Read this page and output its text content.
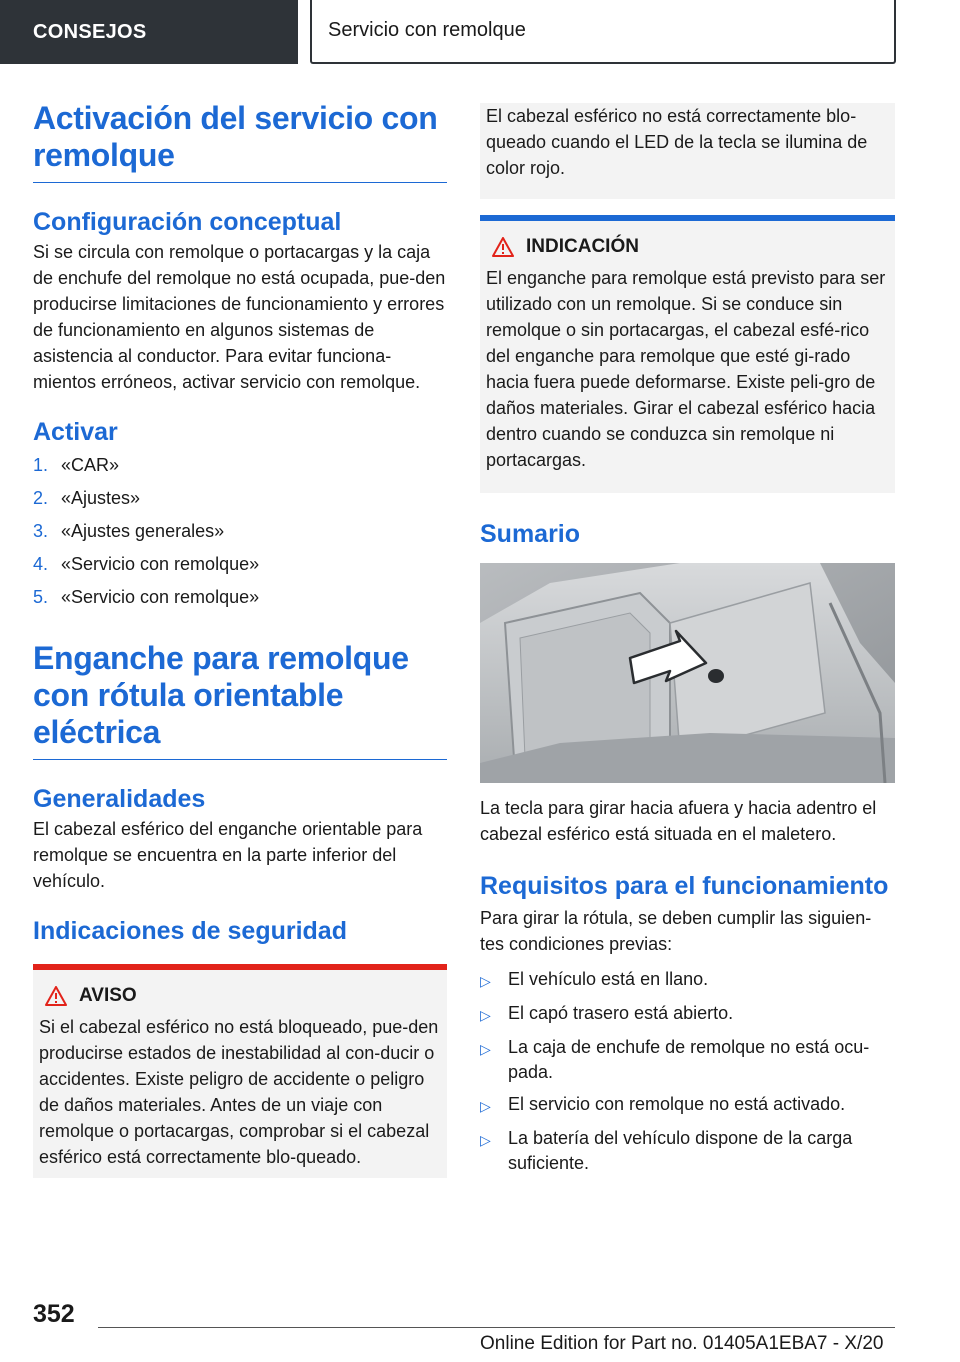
CONSEJOS	Servicio con remolque
Activación del servicio con remolque
Configuración conceptual

Si se circula con remolque o portacargas y la caja de enchufe del remolque no está ocupada, pue‐den producirse limitaciones de funcionamiento y errores de funcionamiento en algunos sistemas de asistencia al conductor. Para evitar funciona‐mientos erróneos, activar servicio con remolque.

Activar
1. «CAR»
2. «Ajustes»
3. «Ajustes generales»
4. «Servicio con remolque»
5. «Servicio con remolque»
Enganche para remolque con rótula orientable eléctrica
Generalidades

El cabezal esférico del enganche orientable para remolque se encuentra en la parte inferior del vehículo.

Indicaciones de seguridad
AVISO

Si el cabezal esférico no está bloqueado, pue‐den producirse estados de inestabilidad al con‐ducir o accidentes. Existe peligro de accidente o peligro de daños materiales. Antes de un viaje con remolque o portacargas, comprobar si el cabezal esférico está correctamente blo‐queado.

El cabezal esférico no está correctamente blo‐queado cuando el LED de la tecla se ilumina de color rojo.

INDICACIÓN

El enganche para remolque está previsto para ser utilizado con un remolque. Si se conduce sin remolque o sin portacargas, el cabezal esfé‐rico del enganche para remolque que esté gi‐rado hacia fuera puede deformarse. Existe peli‐gro de daños materiales. Girar el cabezal esférico hacia dentro cuando se conduzca sin remolque ni portacargas.

Sumario

La tecla para girar hacia afuera y hacia adentro el cabezal esférico está situada en el maletero.

Requisitos para el funcionamiento

Para girar la rótula, se deben cumplir las siguien‐tes condiciones previas:

▷ El vehículo está en llano.
▷ El capó trasero está abierto.
▷ La caja de enchufe de remolque no está ocu‐pada.
▷ El servicio con remolque no está activado.
▷ La batería del vehículo dispone de la carga suficiente.
352
Online Edition for Part no. 01405A1EBA7 - X/20
